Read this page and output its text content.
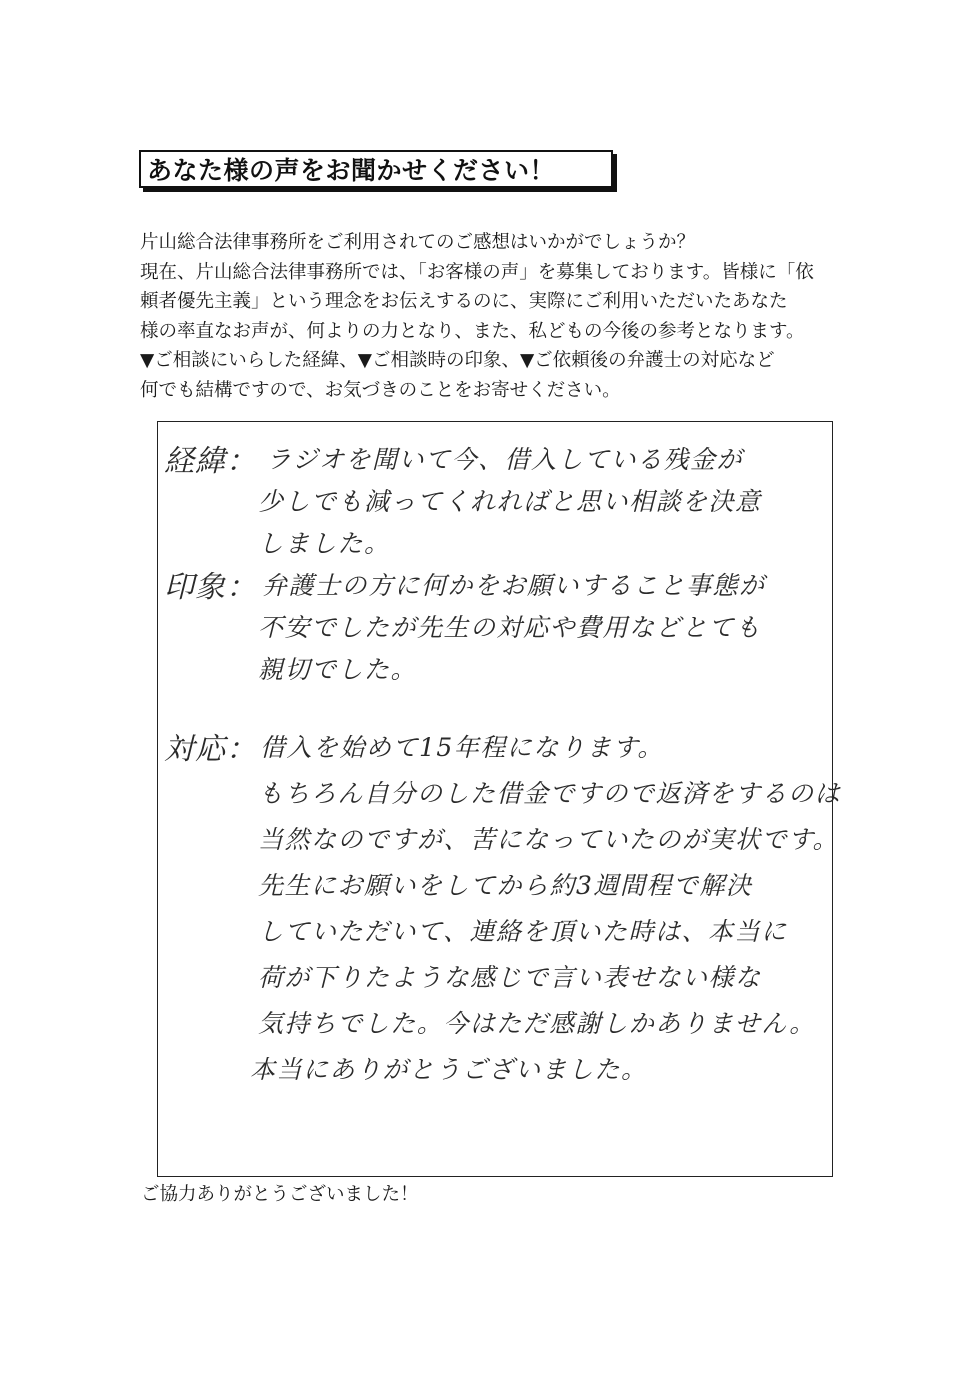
あなた様の声をお聞かせください！
片山総合法律事務所をご利用されてのご感想はいかがでしょうか？
現在、片山総合法律事務所では、「お客様の声」を募集しております。皆様に「依
頼者優先主義」という理念をお伝えするのに、実際にご利用いただいたあなた
様の率直なお声が、何よりの力となり、また、私どもの今後の参考となります。
▼ご相談にいらした経緯、▼ご相談時の印象、▼ご依頼後の弁護士の対応など
何でも結構ですので、お気づきのことをお寄せください。
経緯： ラジオを聞いて今、借入している残金が
少しでも減ってくれればと思い相談を決意
しました。
印象： 弁護士の方に何かをお願いすること事態が
不安でしたが先生の対応や費用などとても
親切でした。
対応： 借入を始めて15年程になります。
もちろん自分のした借金ですので返済をするのは
当然なのですが、苦になっていたのが実状です。
先生にお願いをしてから約3週間程で解決
していただいて、連絡を頂いた時は、本当に
荷が下りたような感じで言い表せない様な
気持ちでした。今はただ感謝しかありません。
本当にありがとうございました。
ご協力ありがとうございました！
